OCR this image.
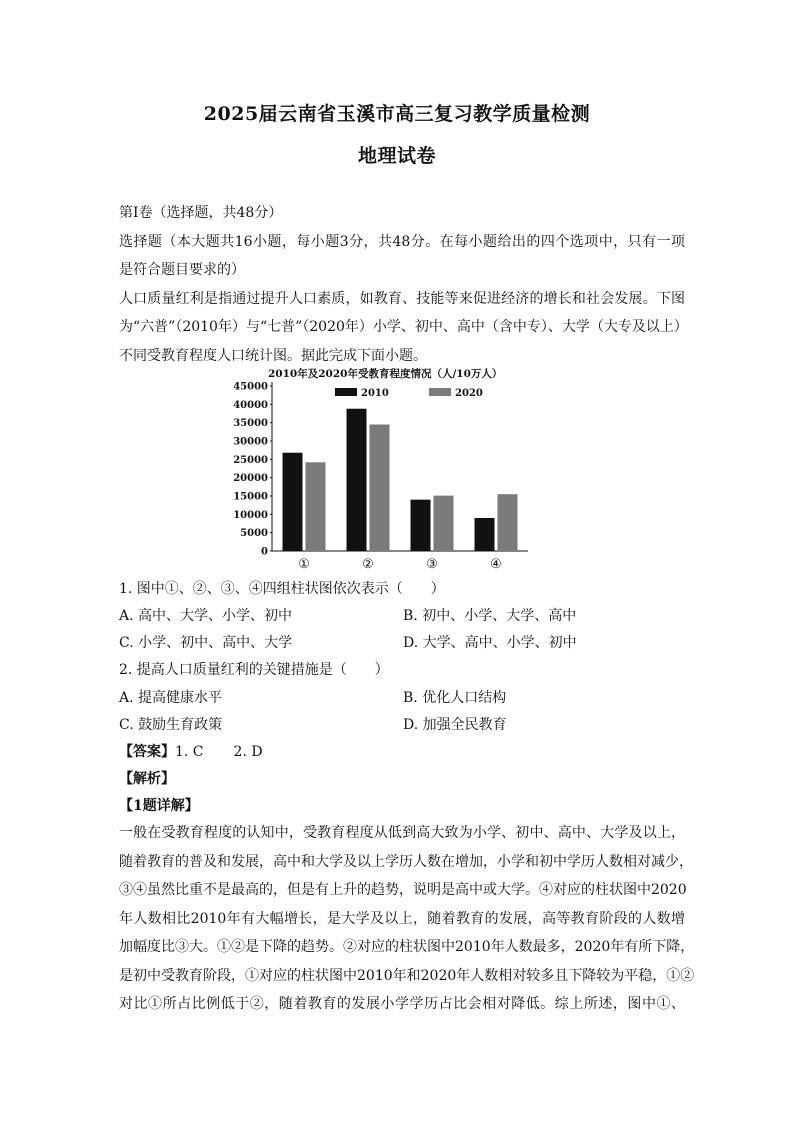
2025届云南省玉溪市高三复习教学质量检测
地理试卷
第I卷（选择题，共48分）
选择题（本大题共16小题，每小题3分，共48分。在每小题给出的四个选项中，只有一项
是符合题目要求的）
人口质量红利是指通过提升人口素质，如教育、技能等来促进经济的增长和社会发展。下图
为“六普”（2010年）与“七普”（2020年）小学、初中、高中（含中专）、大学（大专及以上）
不同受教育程度人口统计图。据此完成下面小题。
2010年及2020年受教育程度情况（人/10万人）
2010	2020
0
5000
10000
15000
20000
25000
30000
35000
40000
45000
①	②	③	④
1. 图中①、②、③、④四组柱状图依次表示（　　）
A. 高中、大学、小学、初中	B. 初中、小学、大学、高中
C. 小学、初中、高中、大学	D. 大学、高中、小学、初中
2. 提高人口质量红利的关键措施是（　　）
A. 提高健康水平	B. 优化人口结构
C. 鼓励生育政策	D. 加强全民教育
【答案】1. C 2. D
【解析】
【1题详解】
一般在受教育程度的认知中，受教育程度从低到高大致为小学、初中、高中、大学及以上，
随着教育的普及和发展，高中和大学及以上学历人数在增加，小学和初中学历人数相对减少，
③④虽然比重不是最高的，但是有上升的趋势，说明是高中或大学。④对应的柱状图中2020
年人数相比2010年有大幅增长，是大学及以上，随着教育的发展，高等教育阶段的人数增
加幅度比③大。①②是下降的趋势。②对应的柱状图中2010年人数最多，2020年有所下降，
是初中受教育阶段，①对应的柱状图中2010年和2020年人数相对较多且下降较为平稳，①②
对比①所占比例低于②，随着教育的发展小学学历占比会相对降低。综上所述，图中①、
